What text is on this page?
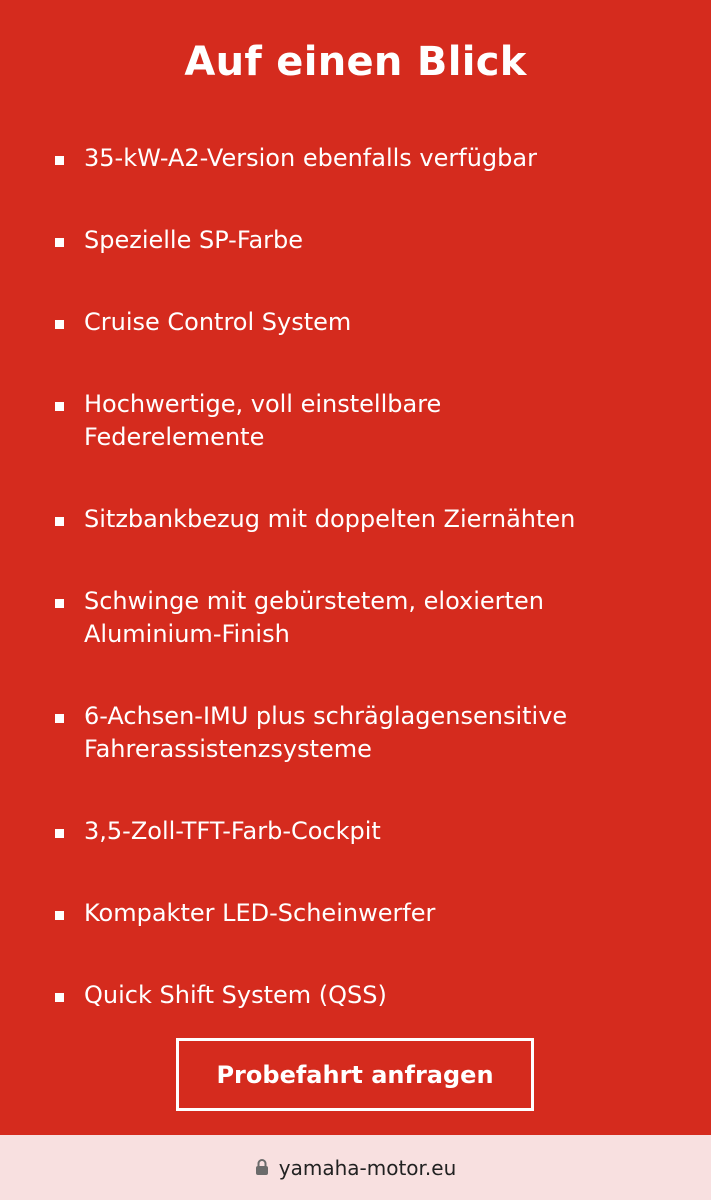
Auf einen Blick
35-kW-A2-Version ebenfalls verfügbar
Spezielle SP-Farbe
Cruise Control System
Hochwertige, voll einstellbare
Federelemente
Sitzbankbezug mit doppelten Ziernähten
Schwinge mit gebürstetem, eloxierten
Aluminium-Finish
6-Achsen-IMU plus schräglagensensitive
Fahrerassistenzsysteme
3,5-Zoll-TFT-Farb-Cockpit
Kompakter LED-Scheinwerfer
Quick Shift System (QSS)
Probefahrt anfragen
yamaha-motor.eu
